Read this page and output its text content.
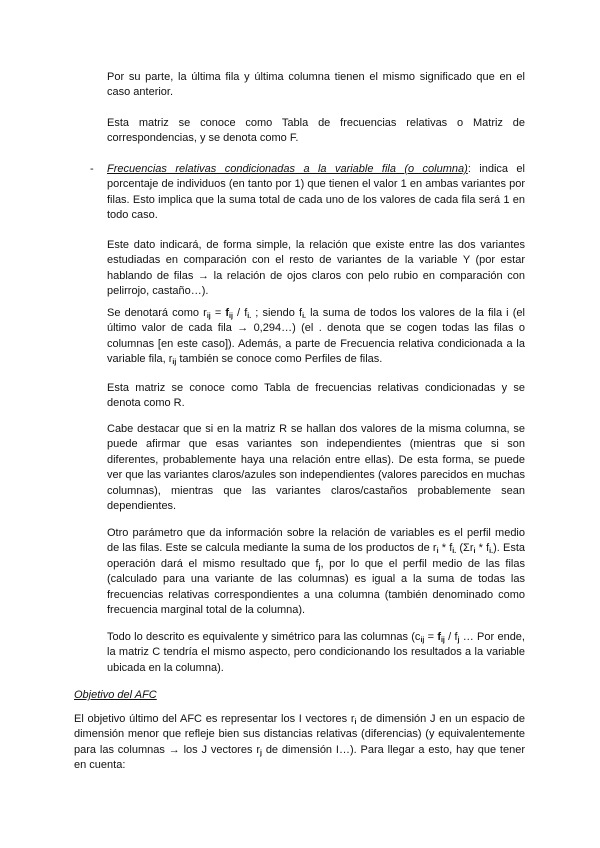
Por su parte, la última fila y última columna tienen el mismo significado que en el caso anterior.

Esta matriz se conoce como Tabla de frecuencias relativas o Matriz de correspondencias, y se denota como F.

- Frecuencias relativas condicionadas a la variable fila (o columna): indica el porcentaje de individuos (en tanto por 1) que tienen el valor 1 en ambas variantes por filas. Esto implica que la suma total de cada uno de los valores de cada fila será 1 en todo caso.

Este dato indicará, de forma simple, la relación que existe entre las dos variantes estudiadas en comparación con el resto de variantes de la variable Y (por estar hablando de filas → la relación de ojos claros con pelo rubio en comparación con pelirrojo, castaño…).

Se denotará como $r_{ij} = f_{ij} / f_{i.}$ ; siendo $f_{i.}$ la suma de todos los valores de la fila i (el último valor de cada fila → 0,294…) (el . denota que se cogen todas las filas o columnas [en este caso]). Además, a parte de Frecuencia relativa condicionada a la variable fila, $r_{ij}$ también se conoce como Perfiles de filas.

Esta matriz se conoce como Tabla de frecuencias relativas condicionadas y se denota como R.

Cabe destacar que si en la matriz R se hallan dos valores de la misma columna, se puede afirmar que esas variantes son independientes (mientras que si son diferentes, probablemente haya una relación entre ellas). De esta forma, se puede ver que las variantes claros/azules son independientes (valores parecidos en muchas columnas), mientras que las variantes claros/castaños probablemente sean dependientes.

Otro parámetro que da información sobre la relación de variables es el perfil medio de las filas. Este se calcula mediante la suma de los productos de $r_i * f_{i.}$ $(\Sigma r_i * f_{i.})$. Esta operación dará el mismo resultado que $f_j$, por lo que el perfil medio de las filas (calculado para una variante de las columnas) es igual a la suma de todas las frecuencias relativas correspondientes a una columna (también denominado como frecuencia marginal total de la columna).

Todo lo descrito es equivalente y simétrico para las columnas ($c_{ij} = f_{ij} / f_j$ … Por ende, la matriz C tendría el mismo aspecto, pero condicionando los resultados a la variable ubicada en la columna).

Objetivo del AFC

El objetivo último del AFC es representar los I vectores $r_i$ de dimensión J en un espacio de dimensión menor que refleje bien sus distancias relativas (diferencias) (y equivalentemente para las columnas → los J vectores $r_j$ de dimensión I…). Para llegar a esto, hay que tener en cuenta:
